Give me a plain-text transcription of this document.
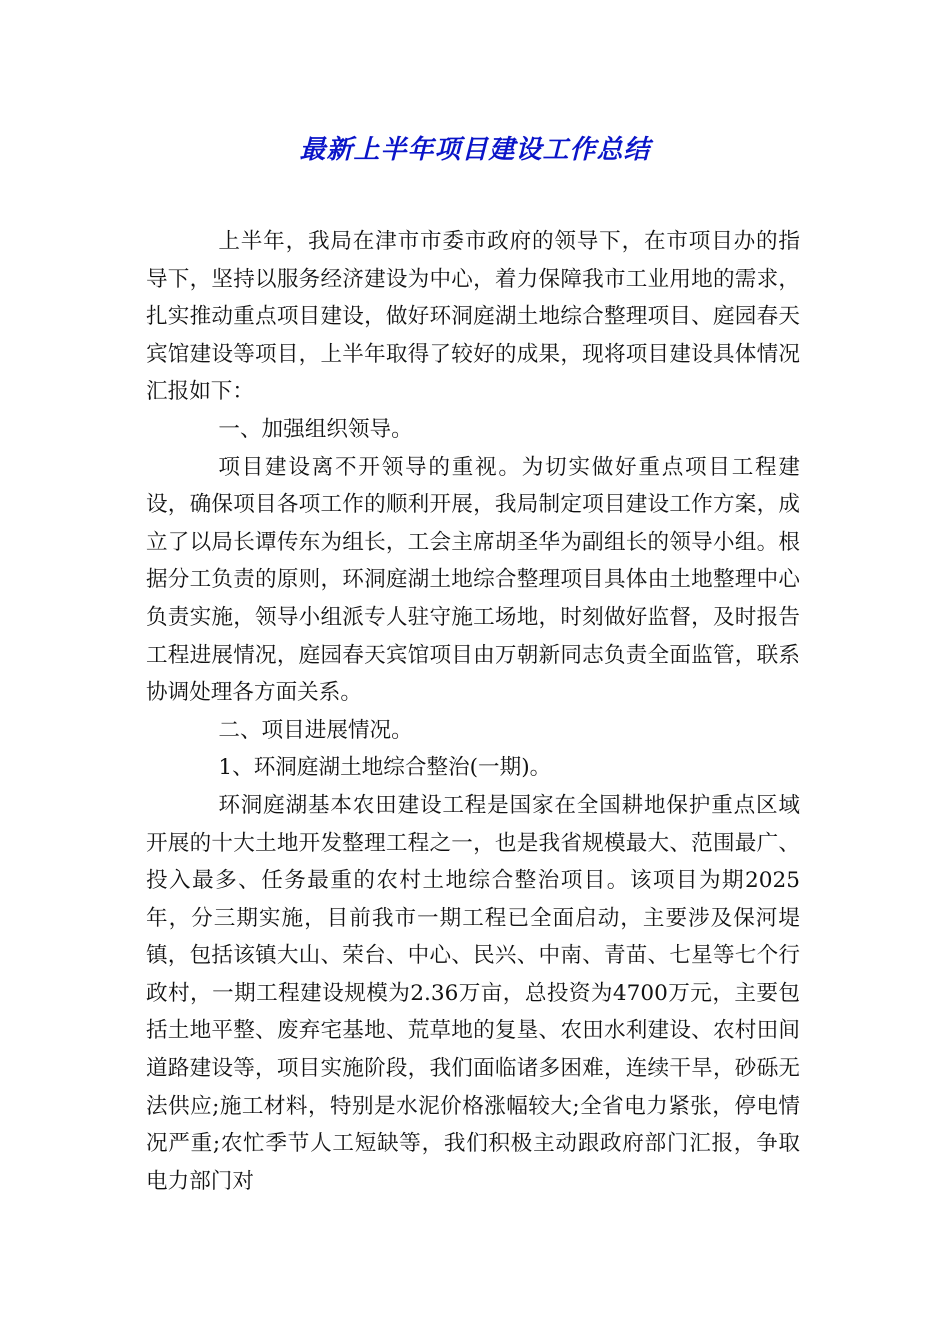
最新上半年项目建设工作总结

上半年，我局在津市市委市政府的领导下，在市项目办的指导下，坚持以服务经济建设为中心，着力保障我市工业用地的需求，扎实推动重点项目建设，做好环洞庭湖土地综合整理项目、庭园春天宾馆建设等项目，上半年取得了较好的成果，现将项目建设具体情况汇报如下：

一、加强组织领导。

项目建设离不开领导的重视。为切实做好重点项目工程建设，确保项目各项工作的顺利开展，我局制定项目建设工作方案，成立了以局长谭传东为组长，工会主席胡圣华为副组长的领导小组。根据分工负责的原则，环洞庭湖土地综合整理项目具体由土地整理中心负责实施，领导小组派专人驻守施工场地，时刻做好监督，及时报告工程进展情况，庭园春天宾馆项目由万朝新同志负责全面监管，联系协调处理各方面关系。

二、项目进展情况。

1、环洞庭湖土地综合整治(一期)。

环洞庭湖基本农田建设工程是国家在全国耕地保护重点区域开展的十大土地开发整理工程之一，也是我省规模最大、范围最广、投入最多、任务最重的农村土地综合整治项目。该项目为期2025年，分三期实施，目前我市一期工程已全面启动，主要涉及保河堤镇，包括该镇大山、荣台、中心、民兴、中南、青苗、七星等七个行政村，一期工程建设规模为2.36万亩，总投资为4700万元，主要包括土地平整、废弃宅基地、荒草地的复垦、农田水利建设、农村田间道路建设等，项目实施阶段，我们面临诸多困难，连续干旱，砂砾无法供应;施工材料，特别是水泥价格涨幅较大;全省电力紧张，停电情况严重;农忙季节人工短缺等，我们积极主动跟政府部门汇报，争取电力部门对
